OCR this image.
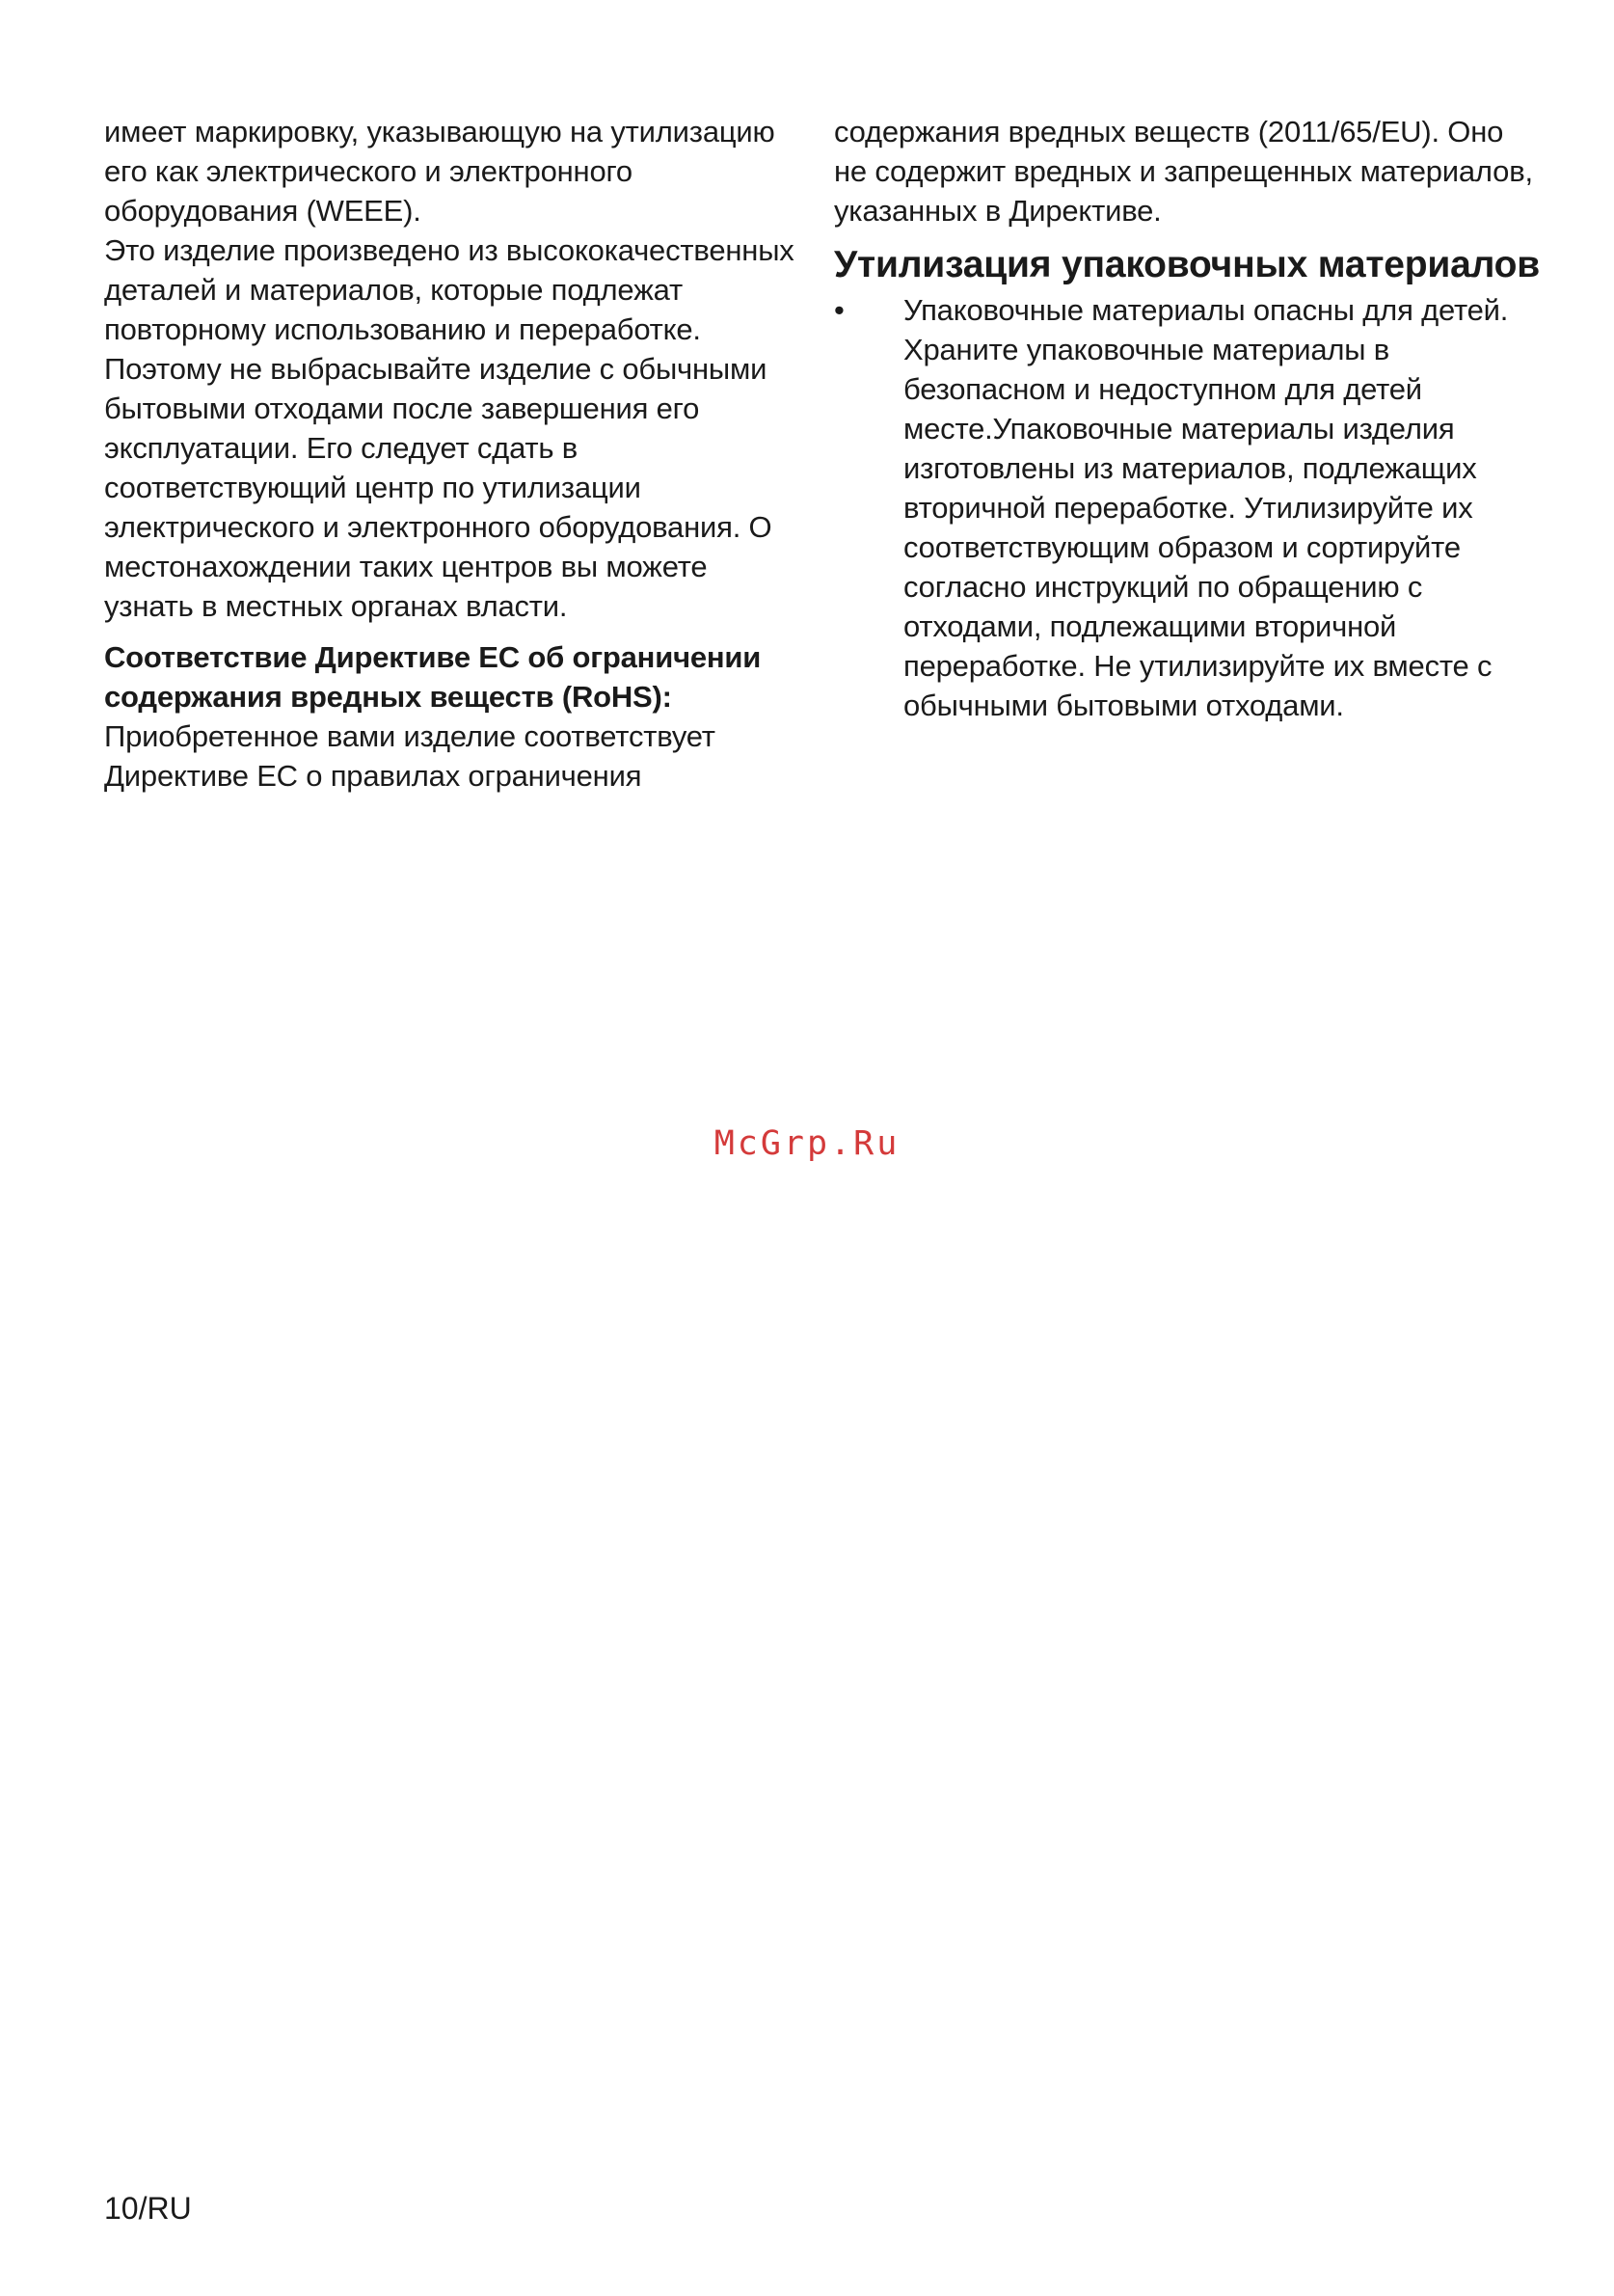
имеет маркировку, указывающую на утилизацию
его как электрического и электронного
оборудования (WEEE).
Это изделие произведено из высококачественных
деталей и материалов, которые подлежат
повторному использованию и переработке.
Поэтому не выбрасывайте изделие с обычными
бытовыми отходами после завершения его
эксплуатации. Его следует сдать в
соответствующий центр по утилизации
электрического и электронного оборудования. О
местонахождении таких центров вы можете
узнать в местных органах власти.
Соответствие Директиве ЕС об ограничении
содержания вредных веществ (RoHS):
Приобретенное вами изделие соответствует
Директиве ЕС о правилах ограничения
содержания вредных веществ (2011/65/EU). Оно
не содержит вредных и запрещенных материалов,
указанных в Директиве.
Утилизация упаковочных материалов
• Упаковочные материалы опасны для детей.
Храните упаковочные материалы в
безопасном и недоступном для детей
месте.Упаковочные материалы изделия
изготовлены из материалов, подлежащих
вторичной переработке. Утилизируйте их
соответствующим образом и сортируйте
согласно инструкций по обращению с
отходами, подлежащими вторичной
переработке. Не утилизируйте их вместе с
обычными бытовыми отходами.
McGrp.Ru
10/RU
